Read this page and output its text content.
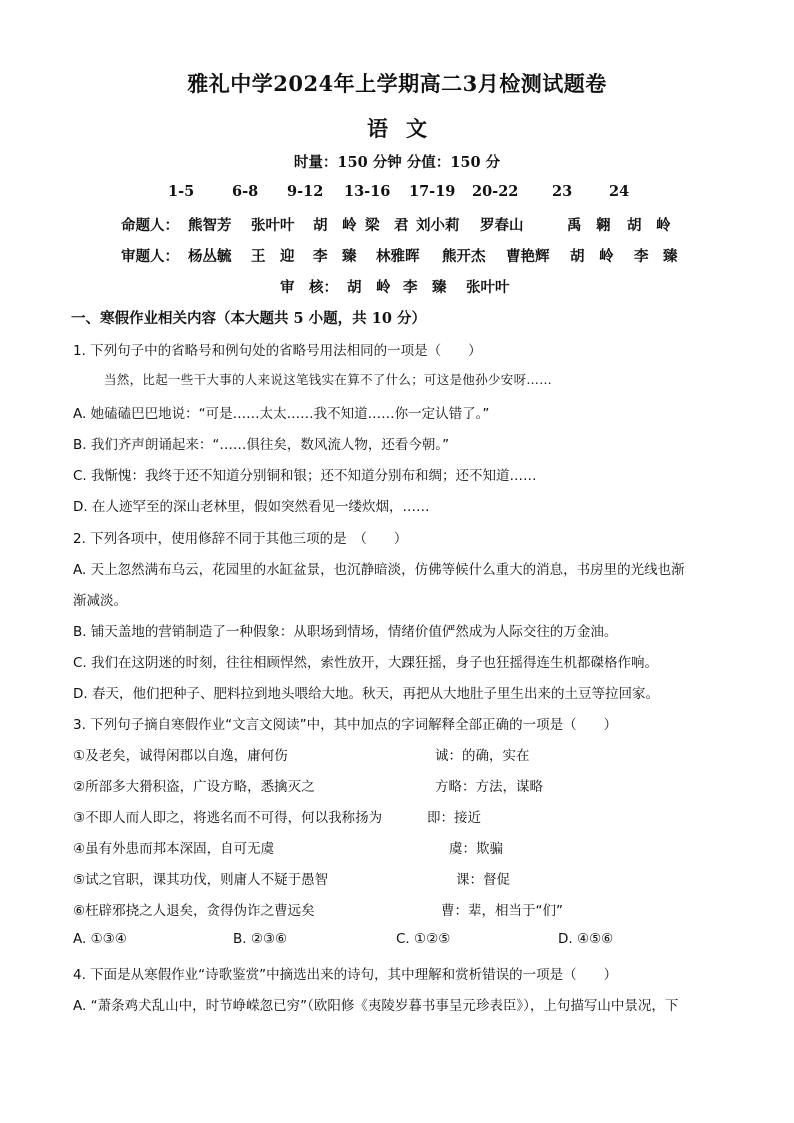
雅礼中学2024年上学期高二3月检测试题卷
语文
时量：150 分钟 分值：150 分
1-5	6-8 9-12 13-16 17-19 20-22 23	24
命题人： 熊智芳 张叶叶 胡　岭 梁　君 刘小莉 罗春山	禹　翱 胡　岭
审题人： 杨丛毓 王　迎 李　臻 林雅晖 熊开杰 曹艳辉 胡　岭 李　臻
审　核： 胡　岭 李　臻 张叶叶
一、寒假作业相关内容（本大题共 5 小题，共 10 分）
1. 下列句子中的省略号和例句处的省略号用法相同的一项是（　　）
当然，比起一些干大事的人来说这笔钱实在算不了什么；可这是他孙少安呀……
A. 她磕磕巴巴地说：“可是……太太……我不知道……你一定认错了。”
B. 我们齐声朗诵起来：“……俱往矣，数风流人物，还看今朝。”
C. 我惭愧：我终于还不知道分别铜和银；还不知道分别布和绸；还不知道……
D. 在人迹罕至的深山老林里，假如突然看见一缕炊烟，……
2. 下列各项中，使用修辞不同于其他三项的是　（　　）
A. 天上忽然满布乌云，花园里的水缸盆景，也沉静暗淡，仿佛等候什么重大的消息，书房里的光线也渐
渐减淡。
B. 铺天盖地的营销制造了一种假象：从职场到情场，情绪价值俨然成为人际交往的万金油。
C. 我们在这阴迷的时刻，往往相顾悍然，索性放开，大踝狂摇，身子也狂摇得连生机都磔格作响。
D. 春天，他们把种子、肥料拉到地头喂给大地。秋天，再把从大地肚子里生出来的土豆等拉回家。
3. 下列句子摘自寒假作业“文言文阅读”中，其中加点的字词解释全部正确的一项是（　　）
①及老矣，诚得闲郡以自逸，庸何伤	诚：的确，实在
②所部多大猾积盗，广设方略，悉擒灭之	方略：方法，谋略
③不即人而人即之，将逃名而不可得，何以我称扬为	即：接近
④虽有外患而邦本深固，自可无虞	虞：欺骗
⑤试之官职，课其功伐，则庸人不疑于愚智	课：督促
⑥枉辟邪挠之人退矣，贪得伪诈之曹远矣	曹：辈，相当于“们”
A. ①③④	B. ②③⑥	C. ①②⑤	D. ④⑤⑥
4. 下面是从寒假作业“诗歌鉴赏”中摘选出来的诗句，其中理解和赏析错误的一项是（　　）
A. “萧条鸡犬乱山中，时节峥嵘忽已穷”（欧阳修《夷陵岁暮书事呈元珍表臣》），上句描写山中景况，下
